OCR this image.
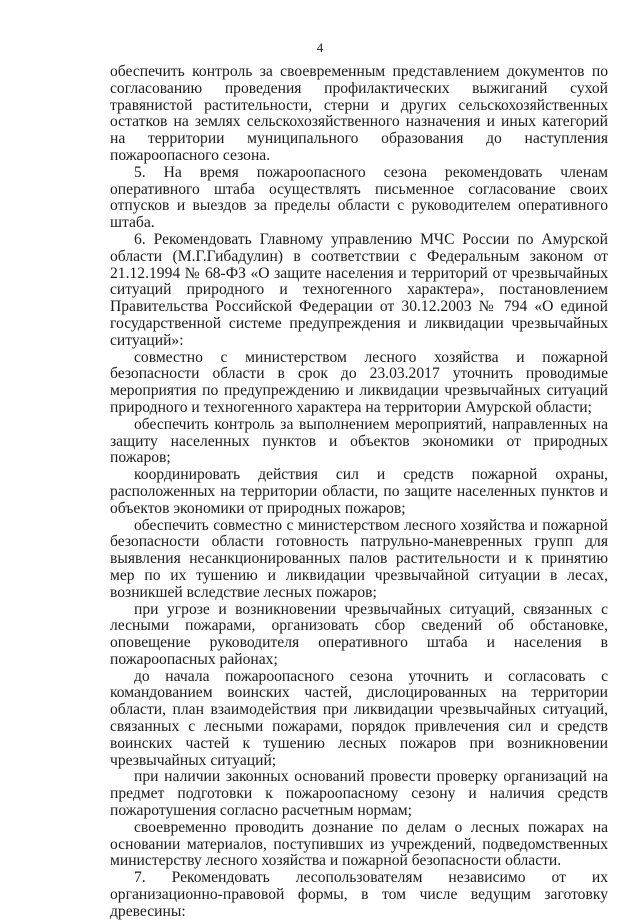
4

обеспечить контроль за своевременным представлением документов по согласованию проведения профилактических выжиганий сухой травянистой растительности, стерни и других сельскохозяйственных остатков на землях сельскохозяйственного назначения и иных категорий на территории муниципального образования до наступления пожароопасного сезона.

5. На время пожароопасного сезона рекомендовать членам оперативного штаба осуществлять письменное согласование своих отпусков и выездов за пределы области с руководителем оперативного штаба.

6. Рекомендовать Главному управлению МЧС России по Амурской области (М.Г.Гибадулин) в соответствии с Федеральным законом от 21.12.1994 № 68-ФЗ «О защите населения и территорий от чрезвычайных ситуаций природного и техногенного характера», постановлением Правительства Российской Федерации от 30.12.2003 № 794 «О единой государственной системе предупреждения и ликвидации чрезвычайных ситуаций»:

совместно с министерством лесного хозяйства и пожарной безопасности области в срок до 23.03.2017 уточнить проводимые мероприятия по предупреждению и ликвидации чрезвычайных ситуаций природного и техногенного характера на территории Амурской области;

обеспечить контроль за выполнением мероприятий, направленных на защиту населенных пунктов и объектов экономики от природных пожаров;

координировать действия сил и средств пожарной охраны, расположенных на территории области, по защите населенных пунктов и объектов экономики от природных пожаров;

обеспечить совместно с министерством лесного хозяйства и пожарной безопасности области готовность патрульно-маневренных групп для выявления несанкционированных палов растительности и к принятию мер по их тушению и ликвидации чрезвычайной ситуации в лесах, возникшей вследствие лесных пожаров;

при угрозе и возникновении чрезвычайных ситуаций, связанных с лесными пожарами, организовать сбор сведений об обстановке, оповещение руководителя оперативного штаба и населения в пожароопасных районах;

до начала пожароопасного сезона уточнить и согласовать с командованием воинских частей, дислоцированных на территории области, план взаимодействия при ликвидации чрезвычайных ситуаций, связанных с лесными пожарами, порядок привлечения сил и средств воинских частей к тушению лесных пожаров при возникновении чрезвычайных ситуаций;

при наличии законных оснований провести проверку организаций на предмет подготовки к пожароопасному сезону и наличия средств пожаротушения согласно расчетным нормам;

своевременно проводить дознание по делам о лесных пожарах на основании материалов, поступивших из учреждений, подведомственных министерству лесного хозяйства и пожарной безопасности области.

7. Рекомендовать лесопользователям независимо от их организационно-правовой формы, в том числе ведущим заготовку древесины:
